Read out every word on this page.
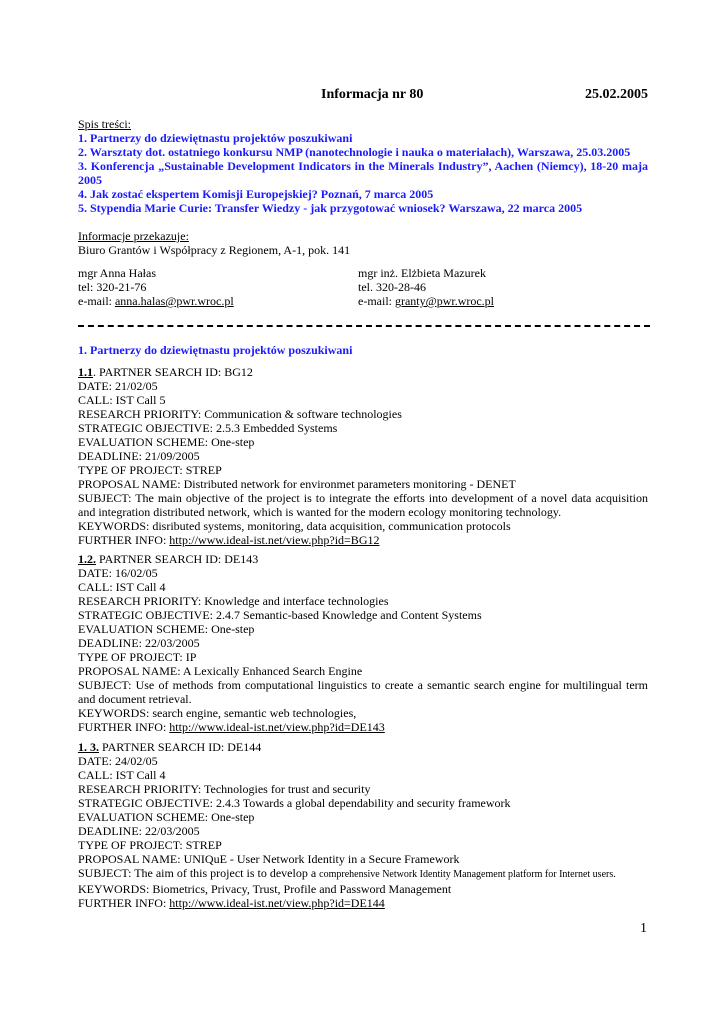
Informacja nr 80	25.02.2005
Spis treści:
1. Partnerzy do dziewiętnastu projektów poszukiwani
2. Warsztaty dot. ostatniego konkursu NMP (nanotechnologie i nauka o materiałach), Warszawa, 25.03.2005
3. Konferencja „Sustainable Development Indicators in the Minerals Industry”, Aachen (Niemcy), 18-20 maja 2005
4. Jak zostać ekspertem Komisji Europejskiej? Poznań, 7 marca 2005
5. Stypendia Marie Curie: Transfer Wiedzy - jak przygotować wniosek? Warszawa, 22 marca 2005
Informacje przekazuje:
Biuro Grantów i Współpracy z Regionem, A-1, pok. 141
mgr Anna Hałas
tel: 320-21-76
e-mail: anna.halas@pwr.wroc.pl
mgr inż. Elżbieta Mazurek
tel. 320-28-46
e-mail: granty@pwr.wroc.pl
1. Partnerzy do dziewiętnastu projektów poszukiwani
1.1. PARTNER SEARCH ID: BG12
DATE: 21/02/05
CALL: IST Call 5
RESEARCH PRIORITY: Communication & software technologies
STRATEGIC OBJECTIVE: 2.5.3 Embedded Systems
EVALUATION SCHEME: One-step
DEADLINE: 21/09/2005
TYPE OF PROJECT: STREP
PROPOSAL NAME: Distributed network for environmet parameters monitoring - DENET
SUBJECT: The main objective of the project is to integrate the efforts into development of a novel data acquisition and integration distributed network, which is wanted for the modern ecology monitoring technology.
KEYWORDS: disributed systems, monitoring, data acquisition, communication protocols
FURTHER INFO: http://www.ideal-ist.net/view.php?id=BG12
1.2. PARTNER SEARCH ID: DE143
DATE: 16/02/05
CALL: IST Call 4
RESEARCH PRIORITY: Knowledge and interface technologies
STRATEGIC OBJECTIVE: 2.4.7 Semantic-based Knowledge and Content Systems
EVALUATION SCHEME: One-step
DEADLINE: 22/03/2005
TYPE OF PROJECT: IP
PROPOSAL NAME: A Lexically Enhanced Search Engine
SUBJECT: Use of methods from computational linguistics to create a semantic search engine for multilingual term and document retrieval.
KEYWORDS: search engine, semantic web technologies,
FURTHER INFO: http://www.ideal-ist.net/view.php?id=DE143
1. 3. PARTNER SEARCH ID: DE144
DATE: 24/02/05
CALL: IST Call 4
RESEARCH PRIORITY: Technologies for trust and security
STRATEGIC OBJECTIVE: 2.4.3 Towards a global dependability and security framework
EVALUATION SCHEME: One-step
DEADLINE: 22/03/2005
TYPE OF PROJECT: STREP
PROPOSAL NAME: UNIQuE - User Network Identity in a Secure Framework
SUBJECT: The aim of this project is to develop a comprehensive Network Identity Management platform for Internet users.
KEYWORDS: Biometrics, Privacy, Trust, Profile and Password Management
FURTHER INFO: http://www.ideal-ist.net/view.php?id=DE144
1
